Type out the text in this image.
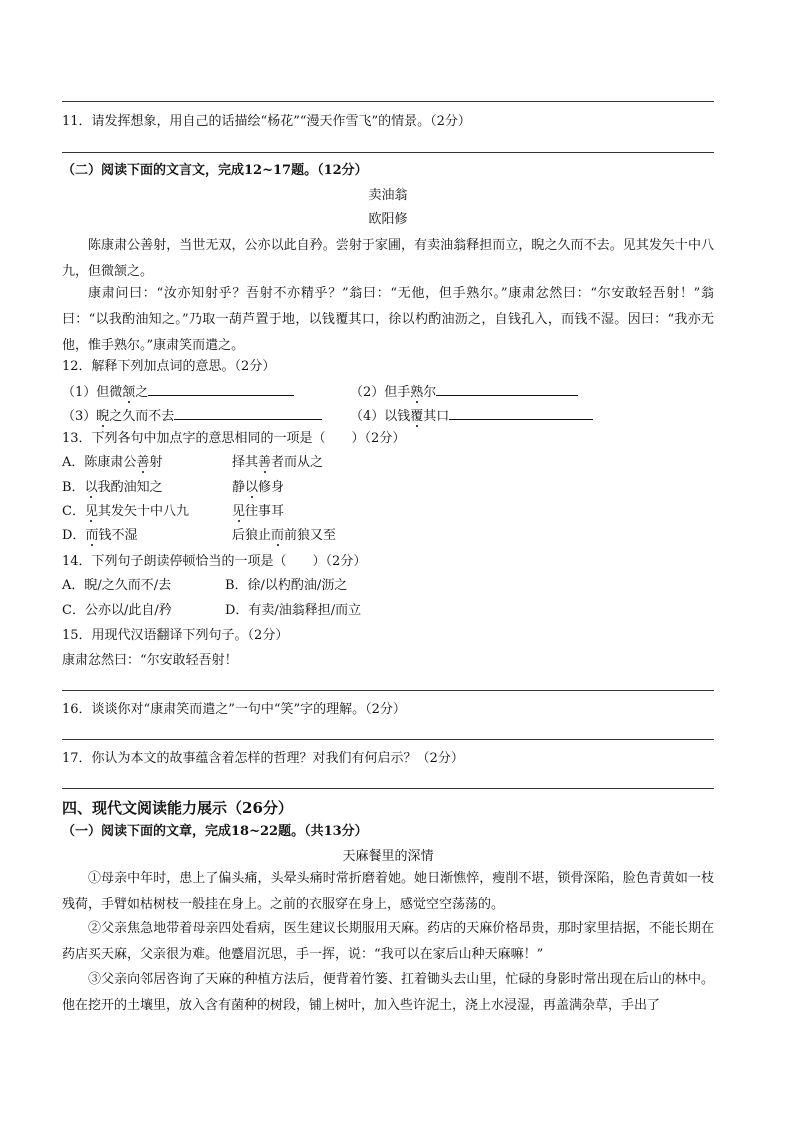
11．请发挥想象，用自己的话描绘“杨花”“漫天作雪飞”的情景。（2分）
（二）阅读下面的文言文，完成12~17题。（12分）
卖油翁
欧阳修

陈康肃公善射，当世无双，公亦以此自矜。尝射于家圃，有卖油翁释担而立，睨之久而不去。见其发矢十中八九，但微颔之。

康肃问曰：“汝亦知射乎？吾射不亦精乎？”翁曰：“无他，但手熟尔。”康肃忿然曰：“尔安敢轻吾射！”翁曰：“以我酌油知之。”乃取一葫芦置于地，以钱覆其口，徐以杓酌油沥之，自钱孔入，而钱不湿。因曰：“我亦无他，惟手熟尔。”康肃笑而遣之。

12．解释下列加点词的意思。（2分）
（1）但微颔之	（2）但手熟尔
（3）睨之久而不去	（4）以钱覆其口
13．下列各句中加点字的意思相同的一项是（　　）（2分）
A．陈康肃公善射	择其善者而从之
B．以我酌油知之	静以修身
C．见其发矢十中八九	见往事耳
D．而钱不湿	后狼止而前狼又至
14．下列句子朗读停顿恰当的一项是（　　）（2分）
A．睨/之久而不/去	B．徐/以杓酌油/沥之
C．公亦以/此自/矜	D．有卖/油翁释担/而立
15．用现代汉语翻译下列句子。（2分）
康肃忿然曰：“尔安敢轻吾射！
16．谈谈你对“康肃笑而遣之”一句中“笑”字的理解。（2分）
17．你认为本文的故事蕴含着怎样的哲理？对我们有何启示？（2分）
四、现代文阅读能力展示（26分）
（一）阅读下面的文章，完成18~22题。（共13分）
天麻餐里的深情

①母亲中年时，患上了偏头痛，头晕头痛时常折磨着她。她日渐憔悴，瘦削不堪，锁骨深陷，脸色青黄如一枝残荷，手臂如枯树枝一般挂在身上。之前的衣服穿在身上，感觉空空荡荡的。

②父亲焦急地带着母亲四处看病，医生建议长期服用天麻。药店的天麻价格昂贵，那时家里拮据，不能长期在药店买天麻，父亲很为难。他蹙眉沉思，手一挥，说：“我可以在家后山种天麻嘛！”

③父亲向邻居咨询了天麻的种植方法后，便背着竹篓、扛着锄头去山里，忙碌的身影时常出现在后山的林中。他在挖开的土壤里，放入含有菌种的树段，铺上树叶，加入些许泥土，浇上水浸湿，再盖满杂草，手出了
